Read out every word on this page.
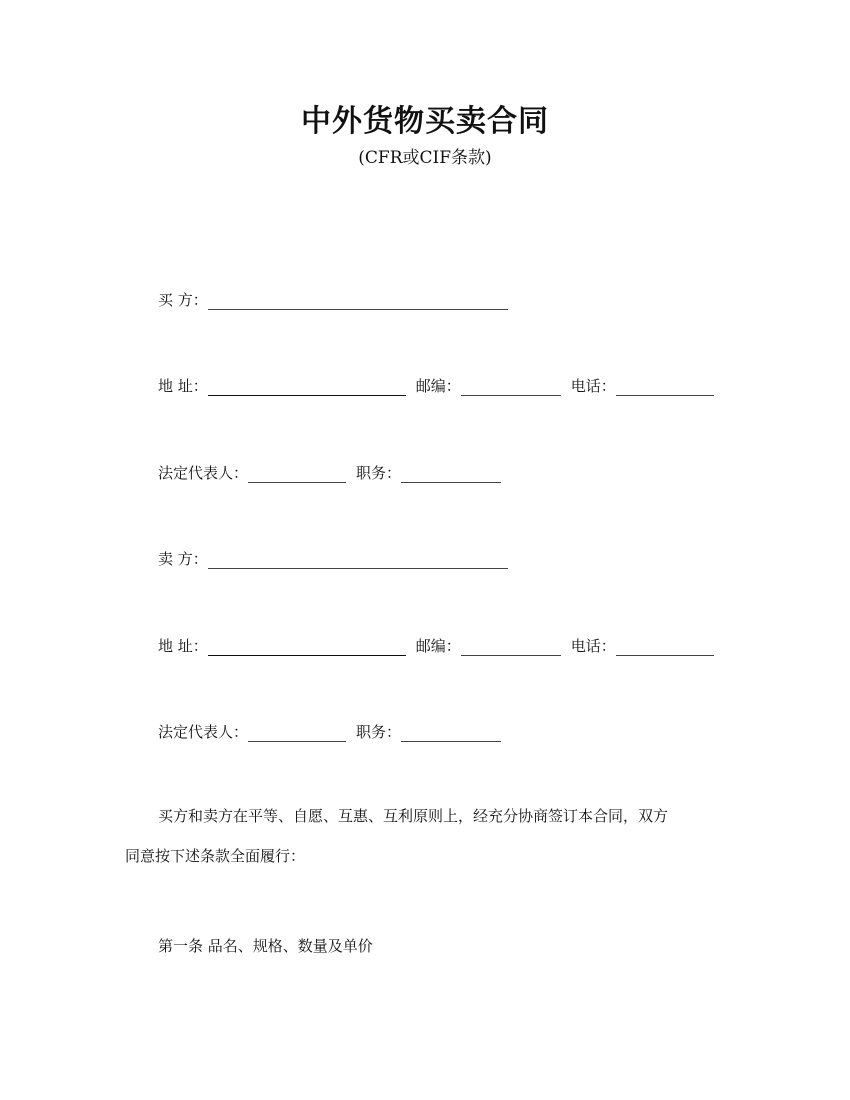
中外货物买卖合同
(CFR或CIF条款)
买 方：
地 址：	邮编：	电话：
法定代表人：	职务：
卖 方：
地 址：	邮编：	电话：
法定代表人：	职务：
买方和卖方在平等、自愿、互惠、互利原则上，经充分协商签订本合同，双方
同意按下述条款全面履行：
第一条 品名、规格、数量及单价
